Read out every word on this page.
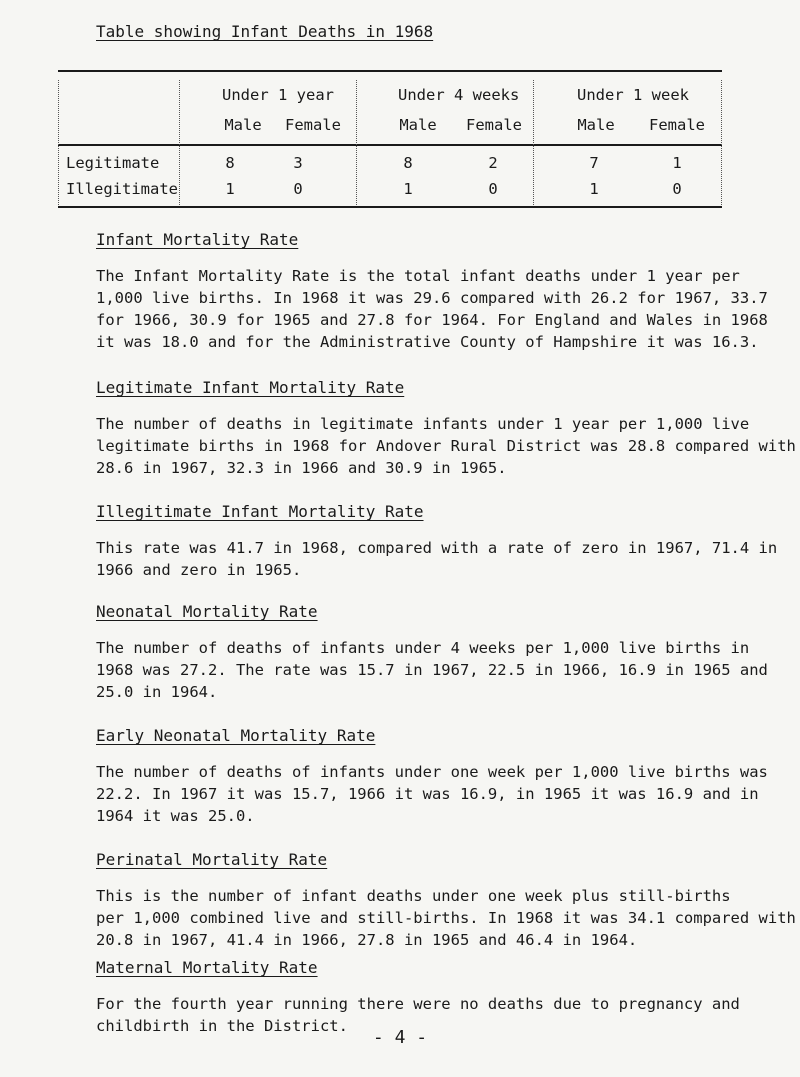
Table showing Infant Deaths in 1968
Under 1 year	Under 4 weeks	Under 1 week
Male Female	Male Female	Male Female
Legitimate	8	3	8	2	7	1
Illegitimate	1	0	1	0	1	0
Infant Mortality Rate
The Infant Mortality Rate is the total infant deaths under 1 year per
1,000 live births. In 1968 it was 29.6 compared with 26.2 for 1967, 33.7
for 1966, 30.9 for 1965 and 27.8 for 1964. For England and Wales in 1968
it was 18.0 and for the Administrative County of Hampshire it was 16.3.
Legitimate Infant Mortality Rate
The number of deaths in legitimate infants under 1 year per 1,000 live
legitimate births in 1968 for Andover Rural District was 28.8 compared with
28.6 in 1967, 32.3 in 1966 and 30.9 in 1965.
Illegitimate Infant Mortality Rate
This rate was 41.7 in 1968, compared with a rate of zero in 1967, 71.4 in
1966 and zero in 1965.
Neonatal Mortality Rate
The number of deaths of infants under 4 weeks per 1,000 live births in
1968 was 27.2. The rate was 15.7 in 1967, 22.5 in 1966, 16.9 in 1965 and
25.0 in 1964.
Early Neonatal Mortality Rate
The number of deaths of infants under one week per 1,000 live births was
22.2. In 1967 it was 15.7, 1966 it was 16.9, in 1965 it was 16.9 and in
1964 it was 25.0.
Perinatal Mortality Rate
This is the number of infant deaths under one week plus still-births
per 1,000 combined live and still-births. In 1968 it was 34.1 compared with
20.8 in 1967, 41.4 in 1966, 27.8 in 1965 and 46.4 in 1964.
Maternal Mortality Rate
For the fourth year running there were no deaths due to pregnancy and
childbirth in the District.
- 4 -
